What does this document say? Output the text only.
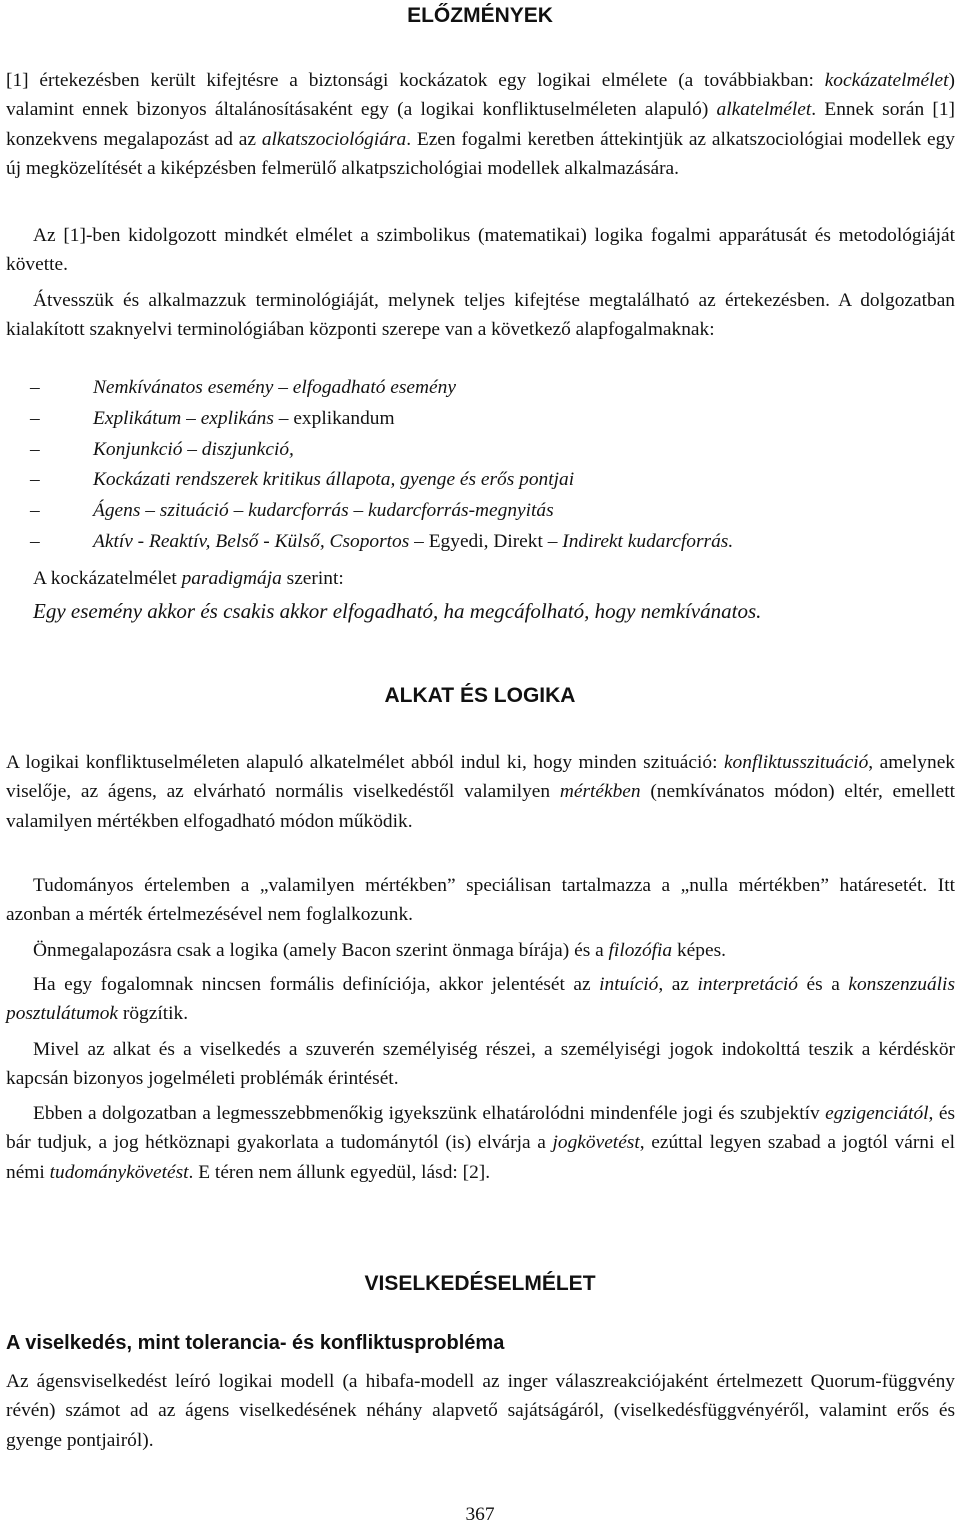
ELŐZMÉNYEK

[1] értekezésben került kifejtésre a biztonsági kockázatok egy logikai elmélete (a továbbiakban: kockázatelmélet) valamint ennek bizonyos általánosításaként egy (a logikai konfliktuselméleten alapuló) alkatelmélet. Ennek során [1] konzekvens megalapozást ad az alkatszociológiára. Ezen fogalmi keretben áttekintjük az alkatszociológiai modellek egy új megközelítését a kiképzésben felmerülő alkatpszichológiai modellek alkalmazására.

Az [1]-ben kidolgozott mindkét elmélet a szimbolikus (matematikai) logika fogalmi apparátusát és metodológiáját követte.

Átvesszük és alkalmazzuk terminológiáját, melynek teljes kifejtése megtalálható az értekezésben. A dolgozatban kialakított szaknyelvi terminológiában központi szerepe van a következő alapfogalmaknak:

–	Nemkívánatos esemény – elfogadható esemény

–	Explikátum – explikáns – explikandum

–	Konjunkció – diszjunkció,

–	Kockázati rendszerek kritikus állapota, gyenge és erős pontjai

–	Ágens – szituáció – kudarcforrás – kudarcforrás-megnyitás

–	Aktív - Reaktív, Belső - Külső, Csoportos – Egyedi, Direkt – Indirekt kudarcforrás.

A kockázatelmélet paradigmája szerint:

Egy esemény akkor és csakis akkor elfogadható, ha megcáfolható, hogy nemkívánatos.

ALKAT ÉS LOGIKA

A logikai konfliktuselméleten alapuló alkatelmélet abból indul ki, hogy minden szituáció: konfliktusszituáció, amelynek viselője, az ágens, az elvárható normális viselkedéstől valamilyen mértékben (nemkívánatos módon) eltér, emellett valamilyen mértékben elfogadható módon működik.

Tudományos értelemben a „valamilyen mértékben” speciálisan tartalmazza a „nulla mértékben” határesetét. Itt azonban a mérték értelmezésével nem foglalkozunk.

Önmegalapozásra csak a logika (amely Bacon szerint önmaga bírája) és a filozófia képes.

Ha egy fogalomnak nincsen formális definíciója, akkor jelentését az intuíció, az interpretáció és a konszenzuális posztulátumok rögzítik.

Mivel az alkat és a viselkedés a szuverén személyiség részei, a személyiségi jogok indokolttá teszik a kérdéskör kapcsán bizonyos jogelméleti problémák érintését.

Ebben a dolgozatban a legmesszebbmenőkig igyekszünk elhatárolódni mindenféle jogi és szubjektív egzigenciától, és bár tudjuk, a jog hétköznapi gyakorlata a tudománytól (is) elvárja a jogkövetést, ezúttal legyen szabad a jogtól várni el némi tudománykövetést. E téren nem állunk egyedül, lásd: [2].

VISELKEDÉSELMÉLET
A viselkedés, mint tolerancia- és konfliktusprobléma

Az ágensviselkedést leíró logikai modell (a hibafa-modell az inger válaszreakciójaként értelmezett Quorum-függvény révén) számot ad az ágens viselkedésének néhány alapvető sajátságáról, (viselkedésfüggvényéről, valamint erős és gyenge pontjairól).

367
